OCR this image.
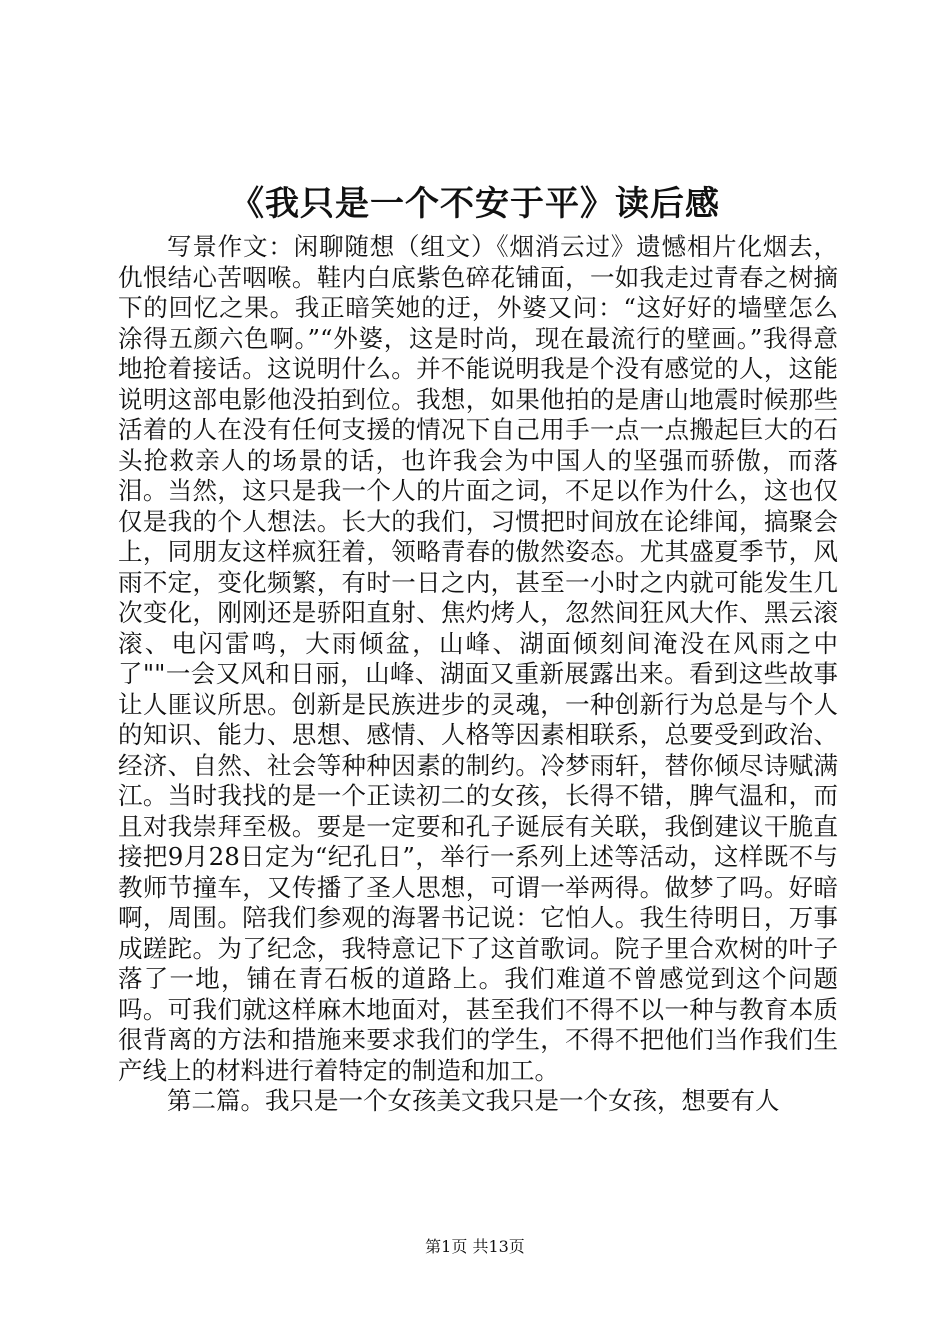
《我只是一个不安于平》读后感

写景作文：闲聊随想（组文）《烟消云过》遗憾相片化烟去，仇恨结心苦咽喉。鞋内白底紫色碎花铺面，一如我走过青春之树摘下的回忆之果。我正暗笑她的迂，外婆又问：“这好好的墙壁怎么涂得五颜六色啊。”“外婆，这是时尚，现在最流行的壁画。”我得意地抢着接话。这说明什么。并不能说明我是个没有感觉的人，这能说明这部电影他没拍到位。我想，如果他拍的是唐山地震时候那些活着的人在没有任何支援的情况下自己用手一点一点搬起巨大的石头抢救亲人的场景的话，也许我会为中国人的坚强而骄傲，而落泪。当然，这只是我一个人的片面之词，不足以作为什么，这也仅仅是我的个人想法。长大的我们，习惯把时间放在论绯闻，搞聚会上，同朋友这样疯狂着，领略青春的傲然姿态。尤其盛夏季节，风雨不定，变化频繁，有时一日之内，甚至一小时之内就可能发生几次变化，刚刚还是骄阳直射、焦灼烤人，忽然间狂风大作、黑云滚滚、电闪雷鸣，大雨倾盆，山峰、湖面倾刻间淹没在风雨之中了""一会又风和日丽，山峰、湖面又重新展露出来。看到这些故事让人匪议所思。创新是民族进步的灵魂，一种创新行为总是与个人的知识、能力、思想、感情、人格等因素相联系，总要受到政治、经济、自然、社会等种种因素的制约。冷梦雨轩，替你倾尽诗赋满江。当时我找的是一个正读初二的女孩，长得不错，脾气温和，而且对我崇拜至极。要是一定要和孔子诞辰有关联，我倒建议干脆直接把9月28日定为“纪孔日”，举行一系列上述等活动，这样既不与教师节撞车，又传播了圣人思想，可谓一举两得。做梦了吗。好暗啊，周围。陪我们参观的海署书记说：它怕人。我生待明日，万事成蹉跎。为了纪念，我特意记下了这首歌词。院子里合欢树的叶子落了一地，铺在青石板的道路上。我们难道不曾感觉到这个问题吗。可我们就这样麻木地面对，甚至我们不得不以一种与教育本质很背离的方法和措施来要求我们的学生，不得不把他们当作我们生产线上的材料进行着特定的制造和加工。

第二篇。我只是一个女孩美文我只是一个女孩，想要有人

第1页 共13页
